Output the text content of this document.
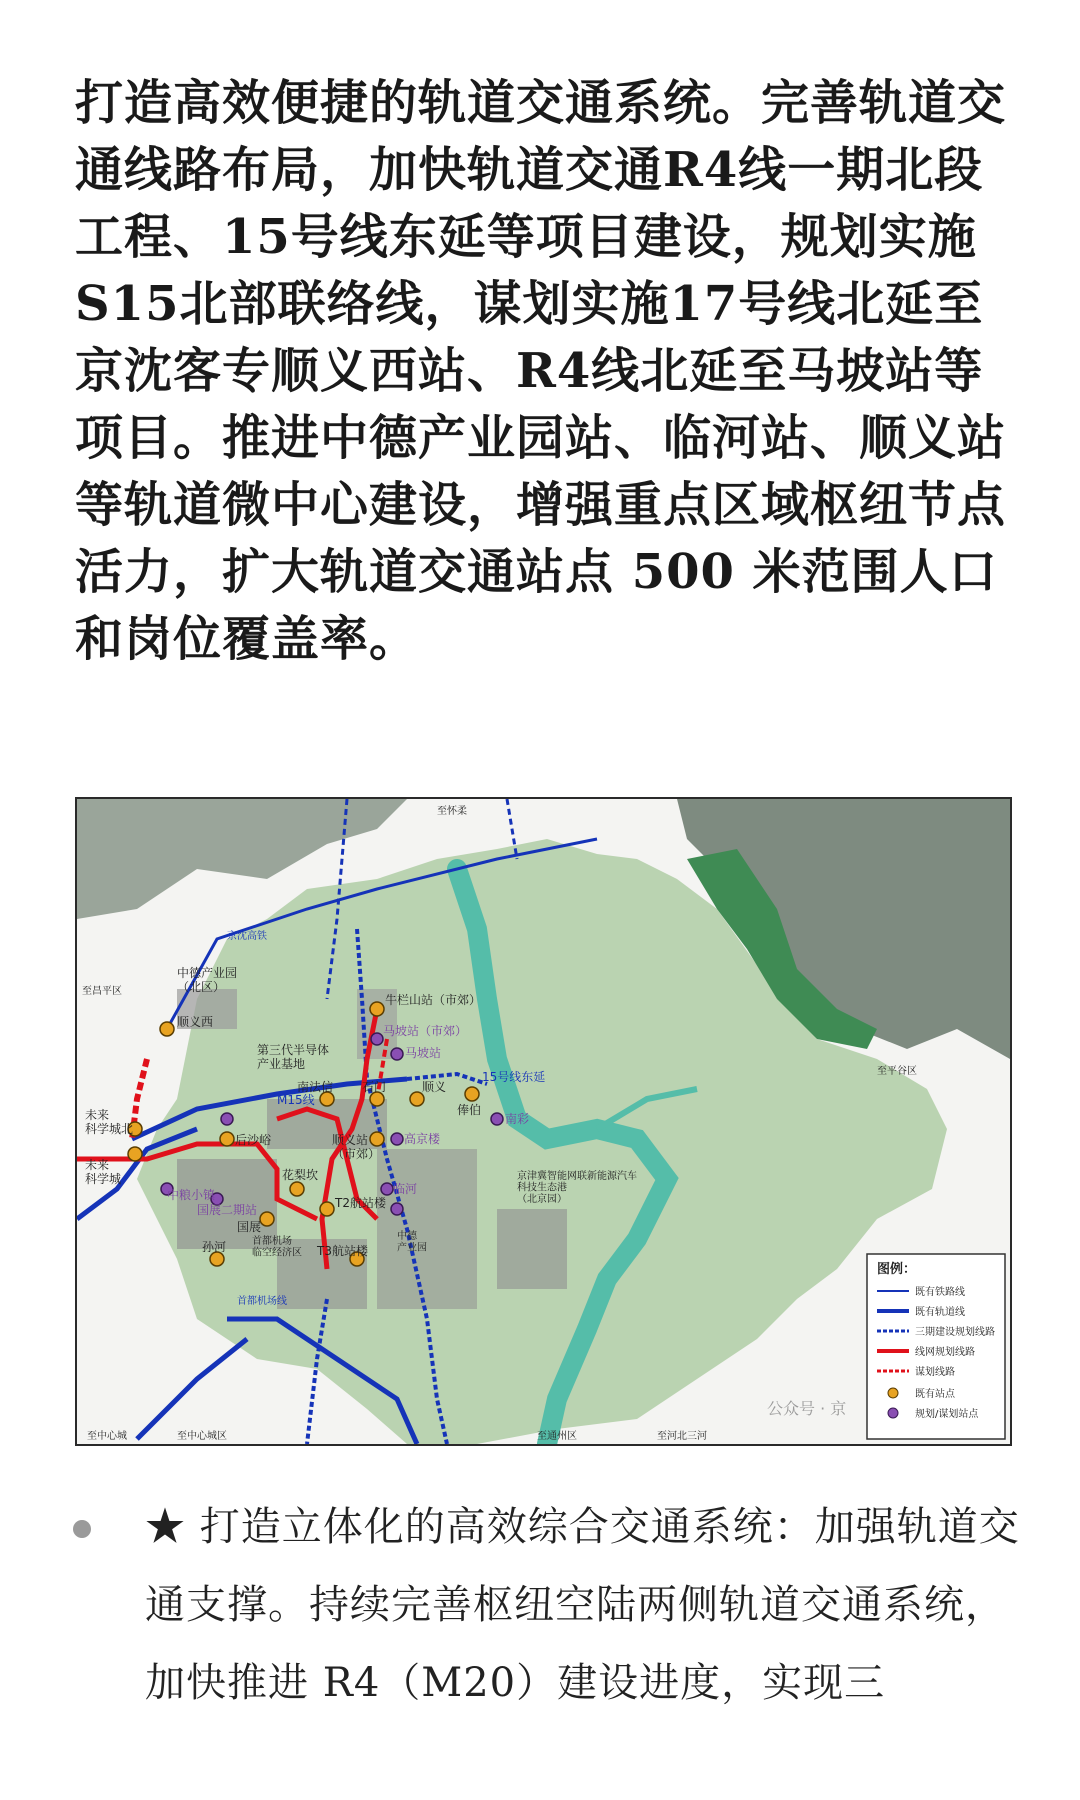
打造高效便捷的轨道交通系统。完善轨道交通线路布局，加快轨道交通R4线一期北段工程、15号线东延等项目建设，规划实施S15北部联络线，谋划实施17号线北延至京沈客专顺义西站、R4线北延至马坡站等项目。推进中德产业园站、临河站、顺义站等轨道微中心建设，增强重点区域枢纽节点活力，扩大轨道交通站点 500 米范围人口和岗位覆盖率。

牛栏山站（市郊）
顺义西
马坡站（市郊）
马坡站
南法信 石门	顺义
俸伯
南彩
15号线东延
M15线
后沙峪	高京楼
花梨坎
T2航站楼
T3航站楼
临河
国展
国展二期站
中粮小镇
孙河
第三代半导体产业基地
未来科学城北
未来科学城
中德产业园（北区）
顺义站（市郊）
京津冀智能网联新能源汽车科技生态港（北京园）
中德产业园
首都机场临空经济区
京沈高铁
至昌平区
至平谷区
至通州区	至河北三河
至中心城区
至中心城
首都机场线
至怀柔
图例：
既有铁路线
既有轨道线
三期建设规划线路
线网规划线路
谋划线路
既有站点
规划/谋划站点
公众号 · 京

★ 打造立体化的高效综合交通系统：加强轨道交通支撑。持续完善枢纽空陆两侧轨道交通系统，加快推进 R4（M20）建设进度，实现三
